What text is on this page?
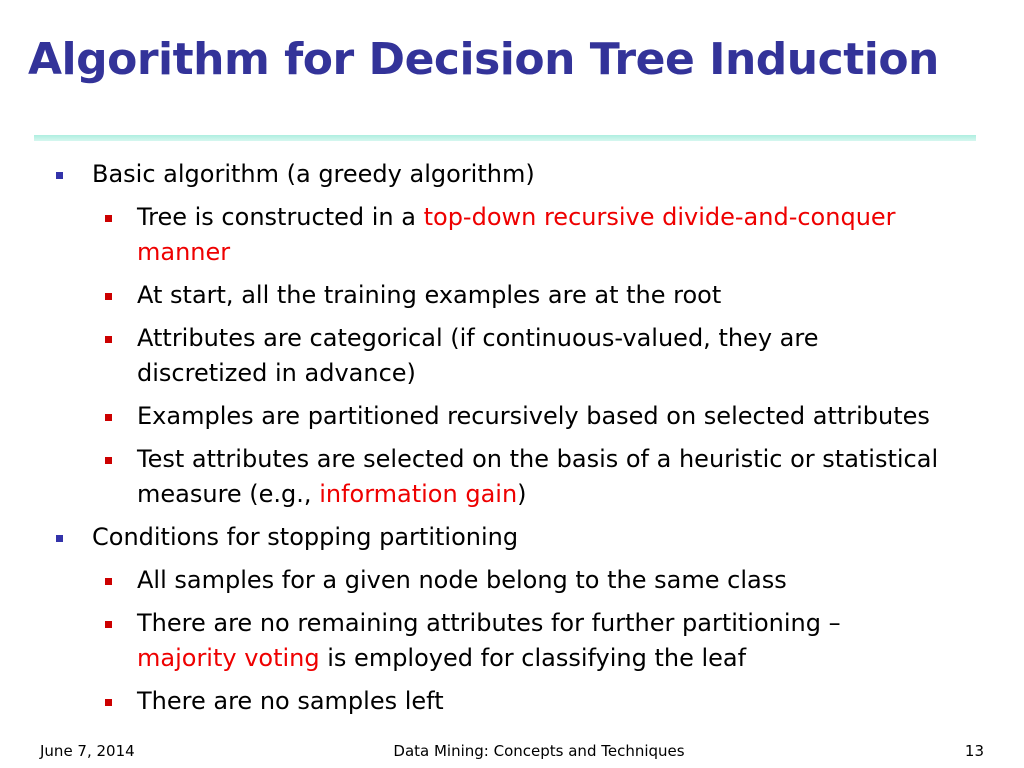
Algorithm for Decision Tree Induction
Basic algorithm (a greedy algorithm)
Tree is constructed in a top-down recursive divide-and-conquer manner
At start, all the training examples are at the root
Attributes are categorical (if continuous-valued, they are discretized in advance)
Examples are partitioned recursively based on selected attributes
Test attributes are selected on the basis of a heuristic or statistical measure (e.g., information gain)
Conditions for stopping partitioning
All samples for a given node belong to the same class
There are no remaining attributes for further partitioning – majority voting is employed for classifying the leaf
There are no samples left
June 7, 2014	Data Mining: Concepts and Techniques	13
